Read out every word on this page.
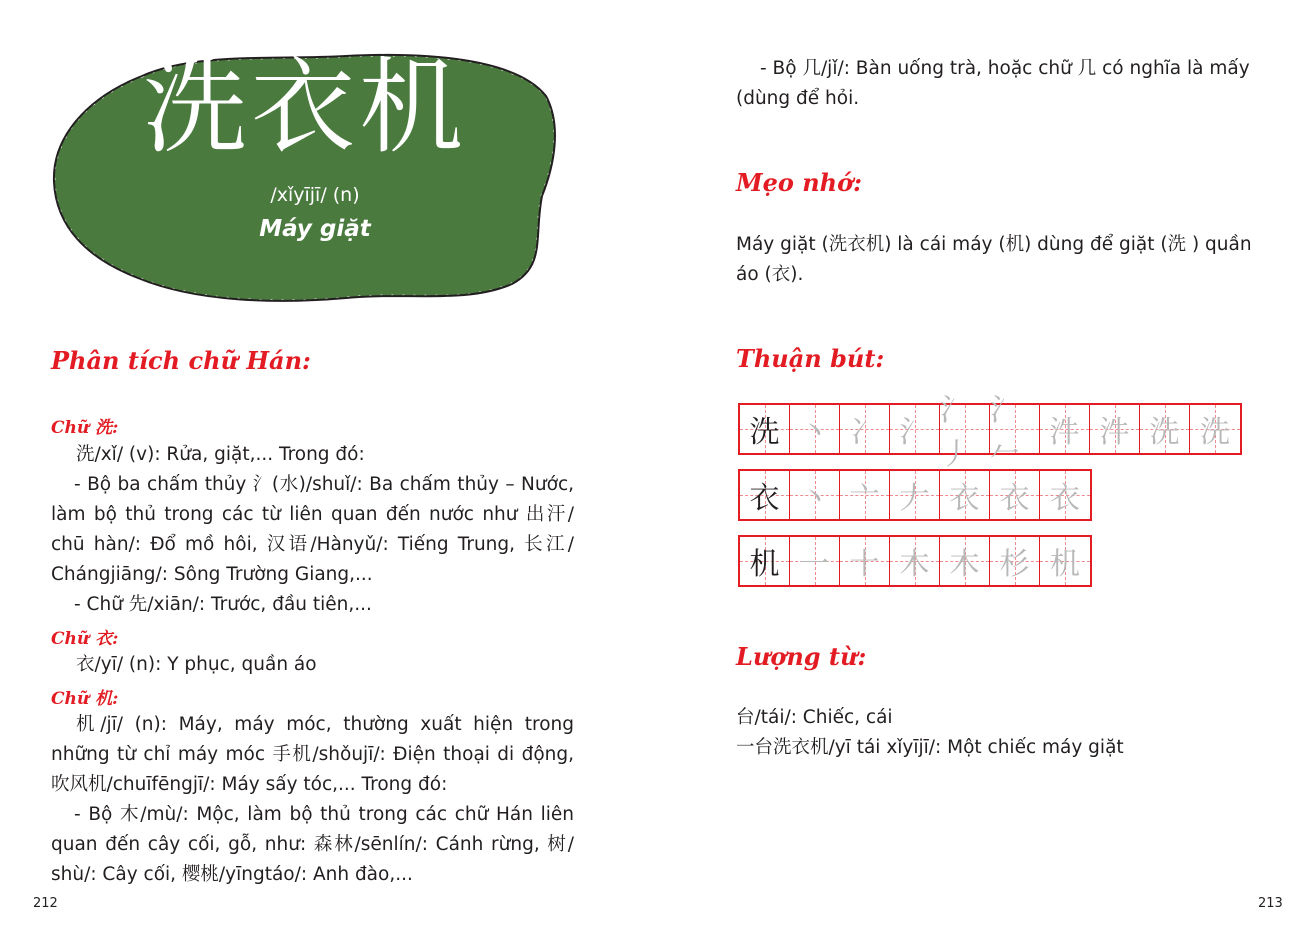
洗衣机
/xǐyījī/ (n)
Máy giặt
Phân tích chữ Hán:
Chữ 洗:
洗/xǐ/ (v): Rửa, giặt,... Trong đó:
- Bộ ba chấm thủy 氵(水)/shuǐ/: Ba chấm thủy – Nước,
làm bộ thủ trong các từ liên quan đến nước như 出汗/
chū hàn/: Đổ mồ hôi, 汉语/Hànyǔ/: Tiếng Trung, 长江/
Chángjiāng/: Sông Trường Giang,...
- Chữ 先/xiān/: Trước, đầu tiên,...
Chữ 衣:
衣/yī/ (n): Y phục, quần áo
Chữ 机:
机/jī/ (n): Máy, máy móc, thường xuất hiện trong
những từ chỉ máy móc 手机/shǒujī/: Điện thoại di động,
吹风机/chuīfēngjī/: Máy sấy tóc,... Trong đó:
- Bộ 木/mù/: Mộc, làm bộ thủ trong các chữ Hán liên
quan đến cây cối, gỗ, như: 森林/sēnlín/: Cánh rừng, 树/
shù/: Cây cối, 樱桃/yīngtáo/: Anh đào,...
212
- Bộ 几/jǐ/: Bàn uống trà, hoặc chữ 几 có nghĩa là mấy
(dùng để hỏi.
Mẹo nhớ:
Máy giặt (洗衣机) là cái máy (机) dùng để giặt (洗 ) quần
áo (衣).
Thuận bút:
洗 丶 冫 氵
氵丿
氵𠂉
汼 汼 洗 洗
衣 丶 亠 𠂇 衣 衣 衣
机 一 十 木 木 杉 机
Lượng từ:
台/tái/: Chiếc, cái
一台洗衣机/yī tái xǐyījī/: Một chiếc máy giặt
213
